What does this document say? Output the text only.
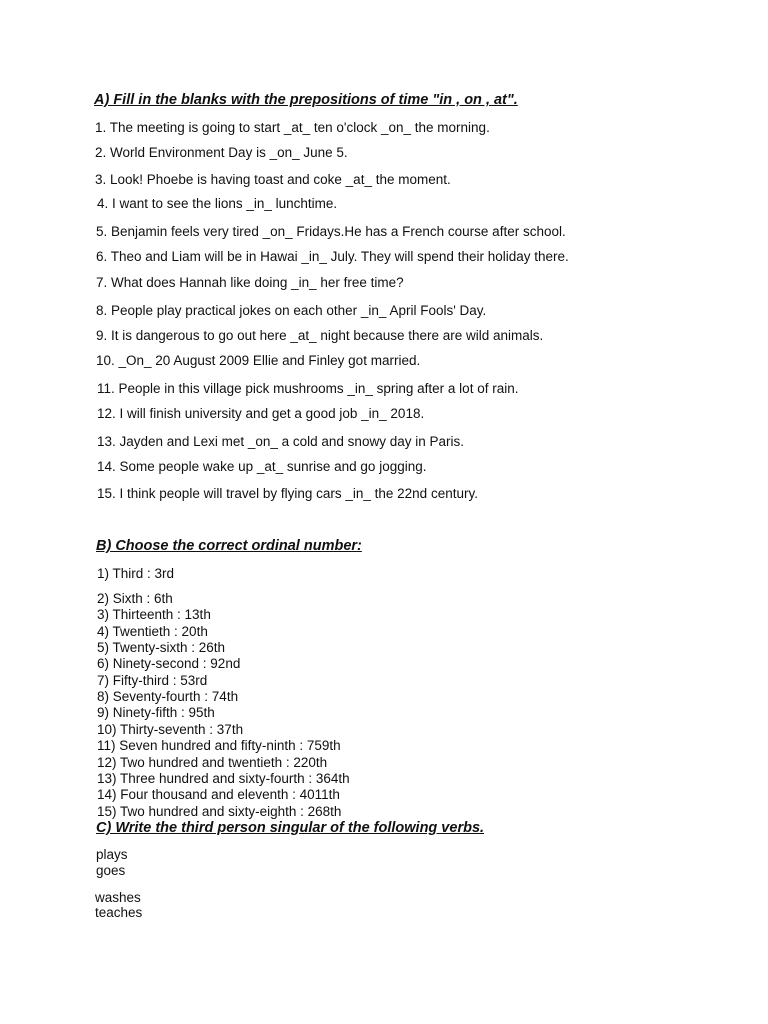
A) Fill in the blanks with the prepositions of time "in , on , at".
1. The meeting is going to start _at_ ten o'clock _on_ the morning.
2. World Environment Day is _on_ June 5.
3. Look! Phoebe is having toast and coke _at_ the moment.
4. I want to see the lions _in_ lunchtime.
5. Benjamin feels very tired _on_ Fridays.He has a French course after school.
6. Theo and Liam will be in Hawai _in_ July. They will spend their holiday there.
7. What does Hannah like doing _in_ her free time?
8. People play practical jokes on each other _in_ April Fools' Day.
9. It is dangerous to go out here _at_ night because there are wild animals.
10. _On_ 20 August 2009 Ellie and Finley got married.
11. People in this village pick mushrooms _in_ spring after a lot of rain.
12. I will finish university and get a good job _in_ 2018.
13. Jayden and Lexi met _on_ a cold and snowy day in Paris.
14. Some people wake up _at_ sunrise and go jogging.
15. I think people will travel by flying cars _in_ the 22nd century.
B) Choose the correct ordinal number:
1) Third : 3rd
2) Sixth : 6th
3) Thirteenth : 13th
4) Twentieth : 20th
5) Twenty-sixth : 26th
6) Ninety-second : 92nd
7) Fifty-third : 53rd
8) Seventy-fourth : 74th
9) Ninety-fifth : 95th
10) Thirty-seventh : 37th
11) Seven hundred and fifty-ninth : 759th
12) Two hundred and twentieth : 220th
13) Three hundred and sixty-fourth : 364th
14) Four thousand and eleventh : 4011th
15) Two hundred and sixty-eighth : 268th
C) Write the third person singular of the following verbs.
plays
goes
washes
teaches
